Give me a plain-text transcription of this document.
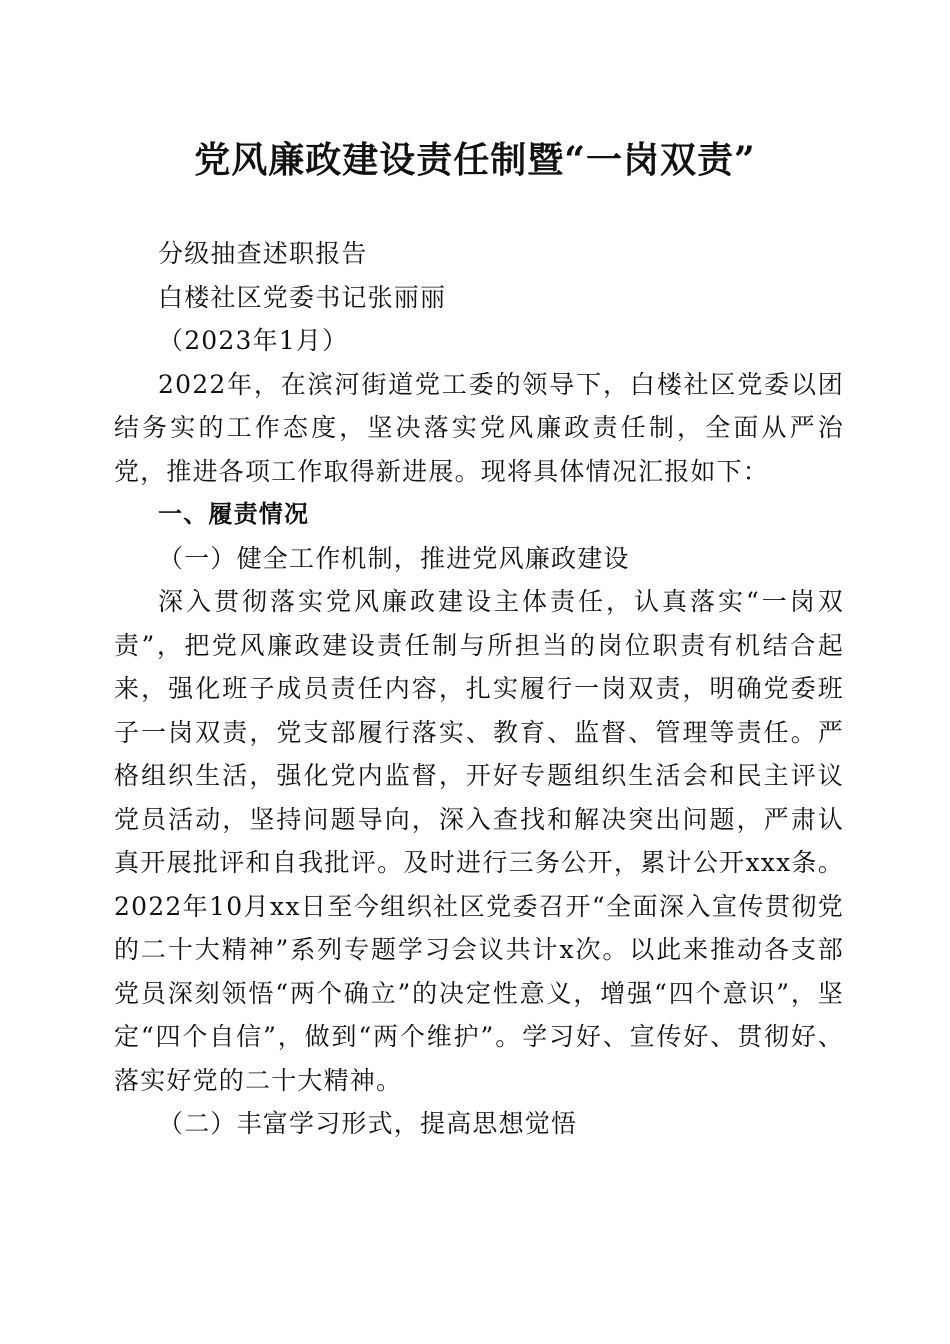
党风廉政建设责任制暨“一岗双责”

分级抽查述职报告

白楼社区党委书记张丽丽

（2023年1月）

2022年，在滨河街道党工委的领导下，白楼社区党委以团结务实的工作态度，坚决落实党风廉政责任制，全面从严治党，推进各项工作取得新进展。现将具体情况汇报如下：

一、履责情况

（一）健全工作机制，推进党风廉政建设

深入贯彻落实党风廉政建设主体责任，认真落实“一岗双责”，把党风廉政建设责任制与所担当的岗位职责有机结合起来，强化班子成员责任内容，扎实履行一岗双责，明确党委班子一岗双责，党支部履行落实、教育、监督、管理等责任。严格组织生活，强化党内监督，开好专题组织生活会和民主评议党员活动，坚持问题导向，深入查找和解决突出问题，严肃认真开展批评和自我批评。及时进行三务公开，累计公开xxx条。2022年10月xx日至今组织社区党委召开“全面深入宣传贯彻党的二十大精神”系列专题学习会议共计x次。以此来推动各支部党员深刻领悟“两个确立”的决定性意义，增强“四个意识”，坚定“四个自信”，做到“两个维护”。学习好、宣传好、贯彻好、落实好党的二十大精神。

（二）丰富学习形式，提高思想觉悟
